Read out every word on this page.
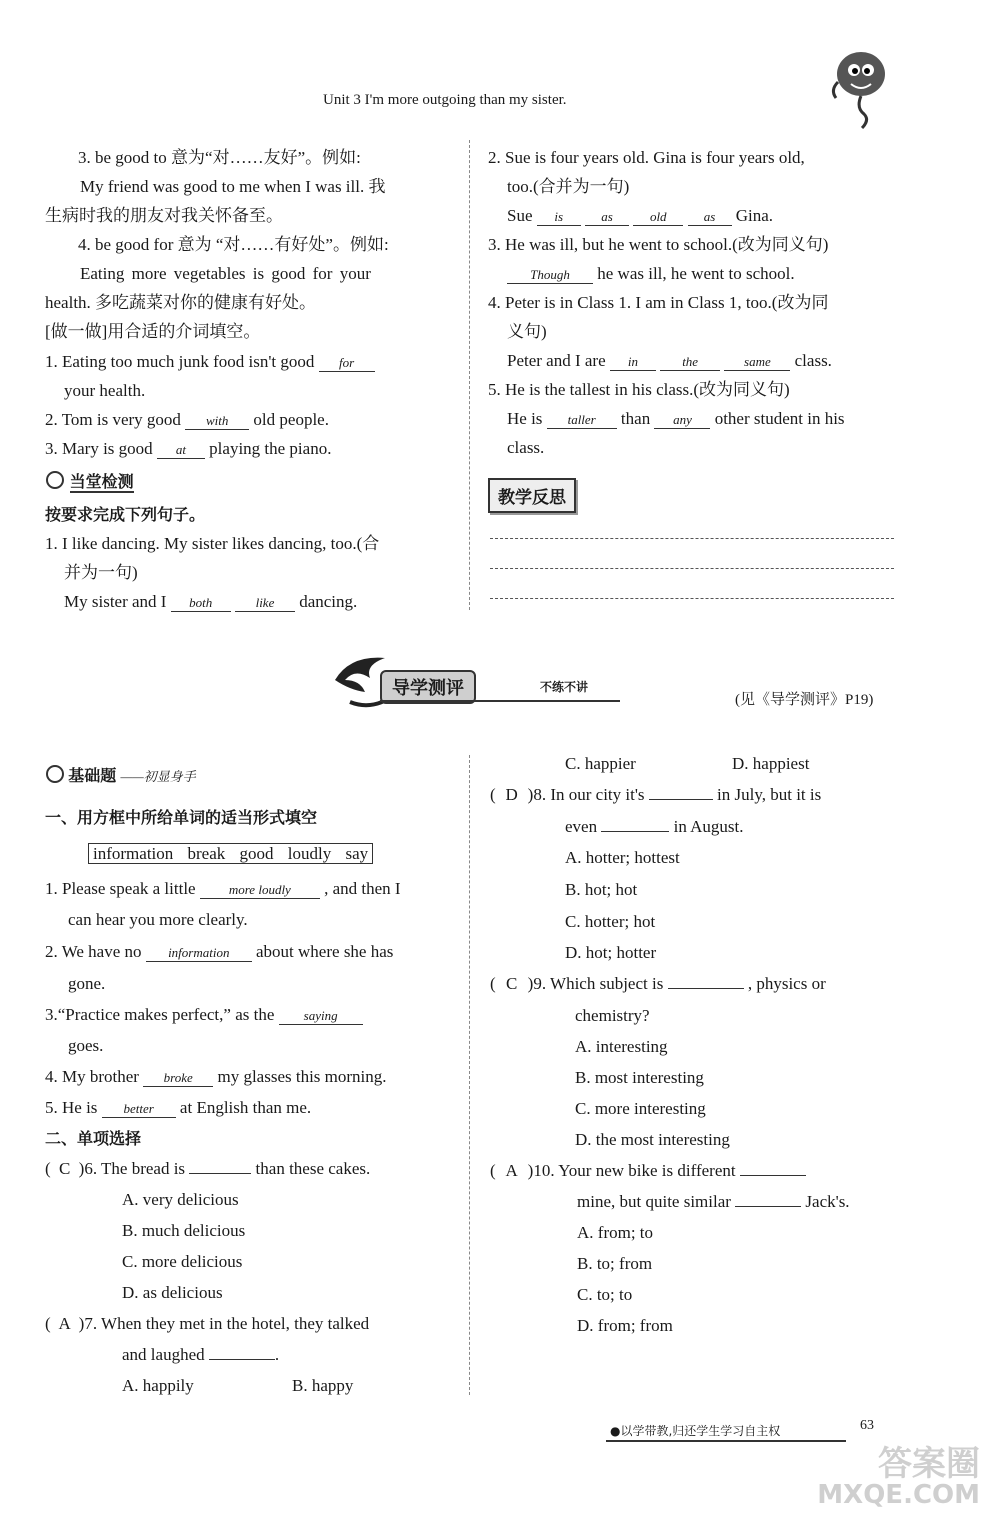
Unit 3 I'm more outgoing than my sister.
3. be good to 意为“对……友好”。例如:
My friend was good to me when I was ill. 我
生病时我的朋友对我关怀备至。
4. be good for 意为 “对……有好处”。例如:
Eating more vegetables is good for your
health. 多吃蔬菜对你的健康有好处。
[做一做]用合适的介词填空。
1. Eating too much junk food isn't good for
your health.
2. Tom is very good with old people.
3. Mary is good at playing the piano.
当堂检测
按要求完成下列句子。
1. I like dancing. My sister likes dancing, too.(合
并为一句)
My sister and I both	like dancing.
2. Sue is four years old. Gina is four years old,
too.(合并为一句)
Sue is	as	old	as Gina.
3. He was ill, but he went to school.(改为同义句)
Though he was ill, he went to school.
4. Peter is in Class 1. I am in Class 1, too.(改为同
义句)
Peter and I are in	the	same class.
5. He is the tallest in his class.(改为同义句)
He is taller than any other student in his
class.
教学反思
导学测评	不练不讲
(见《导学测评》P19)
基础题 ——初显身手
一、用方框中所给单词的适当形式填空
information break good loudly say
1. Please speak a little	more loudly , and then I
can hear you more clearly.
2. We have no information about where she has
gone.
3.“Practice makes perfect,” as the saying
goes.
4. My brother broke my glasses this morning.
5. He is better at English than me.
二、单项选择
( C )6. The bread is	than these cakes.
A. very delicious
B. much delicious
C. more delicious
D. as delicious
( A )7. When they met in the hotel, they talked
and laughed	.
A. happily	B. happy
C. happier	D. happiest
( D )8. In our city it's	in July, but it is
even	in August.
A. hotter; hottest
B. hot; hot
C. hotter; hot
D. hot; hotter
( C )9. Which subject is	, physics or
chemistry?
A. interesting
B. most interesting
C. more interesting
D. the most interesting
( A )10. Your new bike is different
mine, but quite similar	Jack's.
A. from; to
B. to; from
C. to; to
D. from; from
●以学带教,归还学生学习自主权	63
答案圈
MXQE.COM
